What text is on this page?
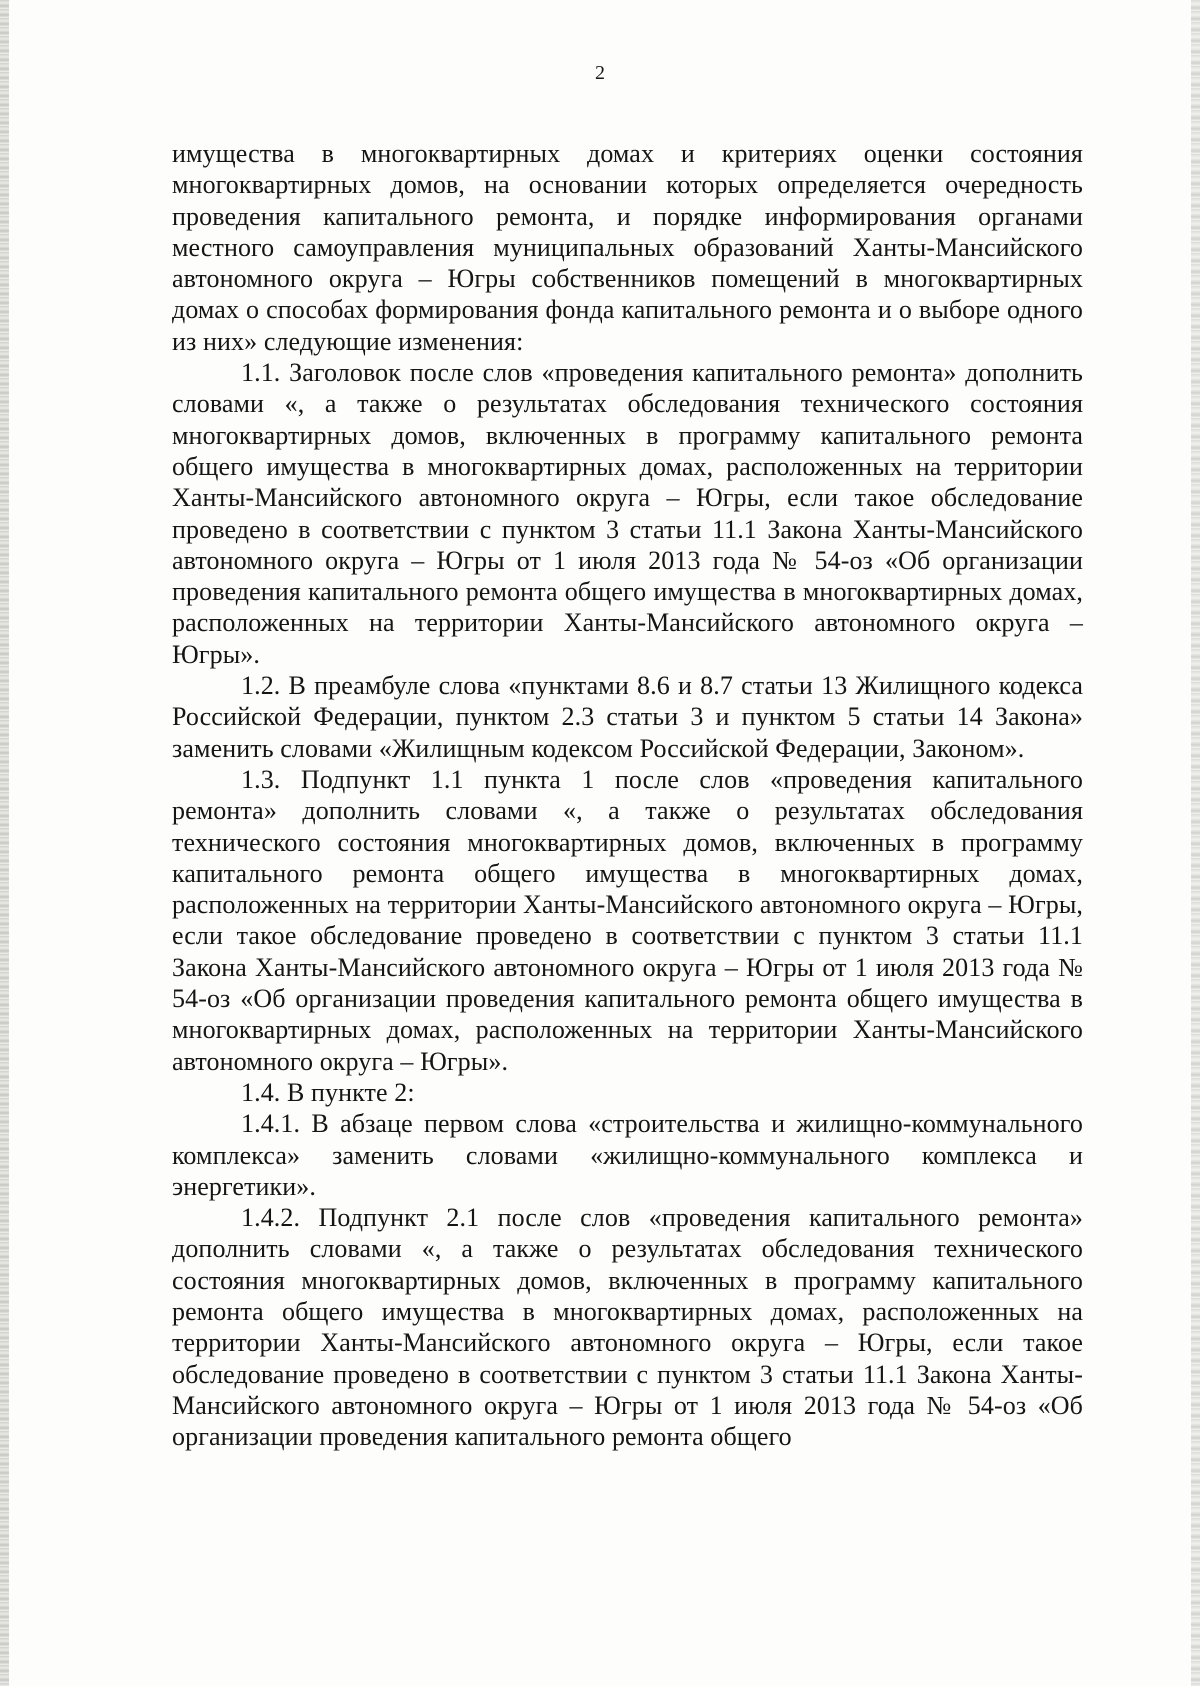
2

имущества в многоквартирных домах и критериях оценки состояния многоквартирных домов, на основании которых определяется очередность проведения капитального ремонта, и порядке информирования органами местного самоуправления муниципальных образований Ханты-Мансийского автономного округа – Югры собственников помещений в многоквартирных домах о способах формирования фонда капитального ремонта и о выборе одного из них» следующие изменения:

1.1. Заголовок после слов «проведения капитального ремонта» дополнить словами «, а также о результатах обследования технического состояния многоквартирных домов, включенных в программу капитального ремонта общего имущества в многоквартирных домах, расположенных на территории Ханты-Мансийского автономного округа – Югры, если такое обследование проведено в соответствии с пунктом 3 статьи 11.1 Закона Ханты-Мансийского автономного округа – Югры от 1 июля 2013 года № 54-оз «Об организации проведения капитального ремонта общего имущества в многоквартирных домах, расположенных на территории Ханты-Мансийского автономного округа – Югры».

1.2. В преамбуле слова «пунктами 8.6 и 8.7 статьи 13 Жилищного кодекса Российской Федерации, пунктом 2.3 статьи 3 и пунктом 5 статьи 14 Закона» заменить словами «Жилищным кодексом Российской Федерации, Законом».

1.3. Подпункт 1.1 пункта 1 после слов «проведения капитального ремонта» дополнить словами «, а также о результатах обследования технического состояния многоквартирных домов, включенных в программу капитального ремонта общего имущества в многоквартирных домах, расположенных на территории Ханты-Мансийского автономного округа – Югры, если такое обследование проведено в соответствии с пунктом 3 статьи 11.1 Закона Ханты-Мансийского автономного округа – Югры от 1 июля 2013 года № 54-оз «Об организации проведения капитального ремонта общего имущества в многоквартирных домах, расположенных на территории Ханты-Мансийского автономного округа – Югры».

1.4. В пункте 2:

1.4.1. В абзаце первом слова «строительства и жилищно-коммунального комплекса» заменить словами «жилищно-коммунального комплекса и энергетики».

1.4.2. Подпункт 2.1 после слов «проведения капитального ремонта» дополнить словами «, а также о результатах обследования технического состояния многоквартирных домов, включенных в программу капитального ремонта общего имущества в многоквартирных домах, расположенных на территории Ханты-Мансийского автономного округа – Югры, если такое обследование проведено в соответствии с пунктом 3 статьи 11.1 Закона Ханты-Мансийского автономного округа – Югры от 1 июля 2013 года № 54-оз «Об организации проведения капитального ремонта общего
